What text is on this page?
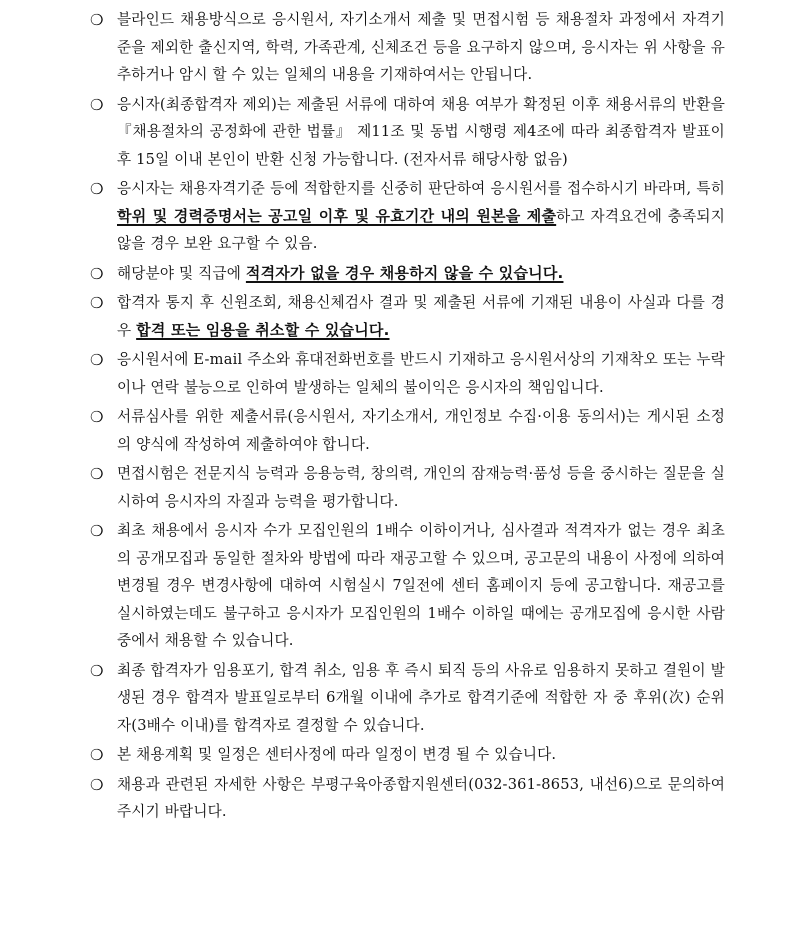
❍ 블라인드 채용방식으로 응시원서, 자기소개서 제출 및 면접시험 등 채용절차 과정에서 자격기준을 제외한 출신지역, 학력, 가족관계, 신체조건 등을 요구하지 않으며, 응시자는 위 사항을 유추하거나 암시 할 수 있는 일체의 내용을 기재하여서는 안됩니다.
❍ 응시자(최종합격자 제외)는 제출된 서류에 대하여 채용 여부가 확정된 이후 채용서류의 반환을 『채용절차의 공정화에 관한 법률』 제11조 및 동법 시행령 제4조에 따라 최종합격자 발표이후 15일 이내 본인이 반환 신청 가능합니다. (전자서류 해당사항 없음)
❍ 응시자는 채용자격기준 등에 적합한지를 신중히 판단하여 응시원서를 접수하시기 바라며, 특히 학위 및 경력증명서는 공고일 이후 및 유효기간 내의 원본을 제출하고 자격요건에 충족되지 않을 경우 보완 요구할 수 있음.
❍ 해당분야 및 직급에 적격자가 없을 경우 채용하지 않을 수 있습니다.
❍ 합격자 통지 후 신원조회, 채용신체검사 결과 및 제출된 서류에 기재된 내용이 사실과 다를 경우 합격 또는 임용을 취소할 수 있습니다.
❍ 응시원서에 E-mail 주소와 휴대전화번호를 반드시 기재하고 응시원서상의 기재착오 또는 누락이나 연락 불능으로 인하여 발생하는 일체의 불이익은 응시자의 책임입니다.
❍ 서류심사를 위한 제출서류(응시원서, 자기소개서, 개인정보 수집·이용 동의서)는 게시된 소정의 양식에 작성하여 제출하여야 합니다.
❍ 면접시험은 전문지식 능력과 응용능력, 창의력, 개인의 잠재능력·품성 등을 중시하는 질문을 실시하여 응시자의 자질과 능력을 평가합니다.
❍ 최초 채용에서 응시자 수가 모집인원의 1배수 이하이거나, 심사결과 적격자가 없는 경우 최초의 공개모집과 동일한 절차와 방법에 따라 재공고할 수 있으며, 공고문의 내용이 사정에 의하여 변경될 경우 변경사항에 대하여 시험실시 7일전에 센터 홈페이지 등에 공고합니다. 재공고를 실시하였는데도 불구하고 응시자가 모집인원의 1배수 이하일 때에는 공개모집에 응시한 사람 중에서 채용할 수 있습니다.
❍ 최종 합격자가 임용포기, 합격 취소, 임용 후 즉시 퇴직 등의 사유로 임용하지 못하고 결원이 발생된 경우 합격자 발표일로부터 6개월 이내에 추가로 합격기준에 적합한 자 중 후위(次) 순위자(3배수 이내)를 합격자로 결정할 수 있습니다.
❍ 본 채용계획 및 일정은 센터사정에 따라 일정이 변경 될 수 있습니다.
❍ 채용과 관련된 자세한 사항은 부평구육아종합지원센터(032-361-8653, 내선6)으로 문의하여 주시기 바랍니다.
